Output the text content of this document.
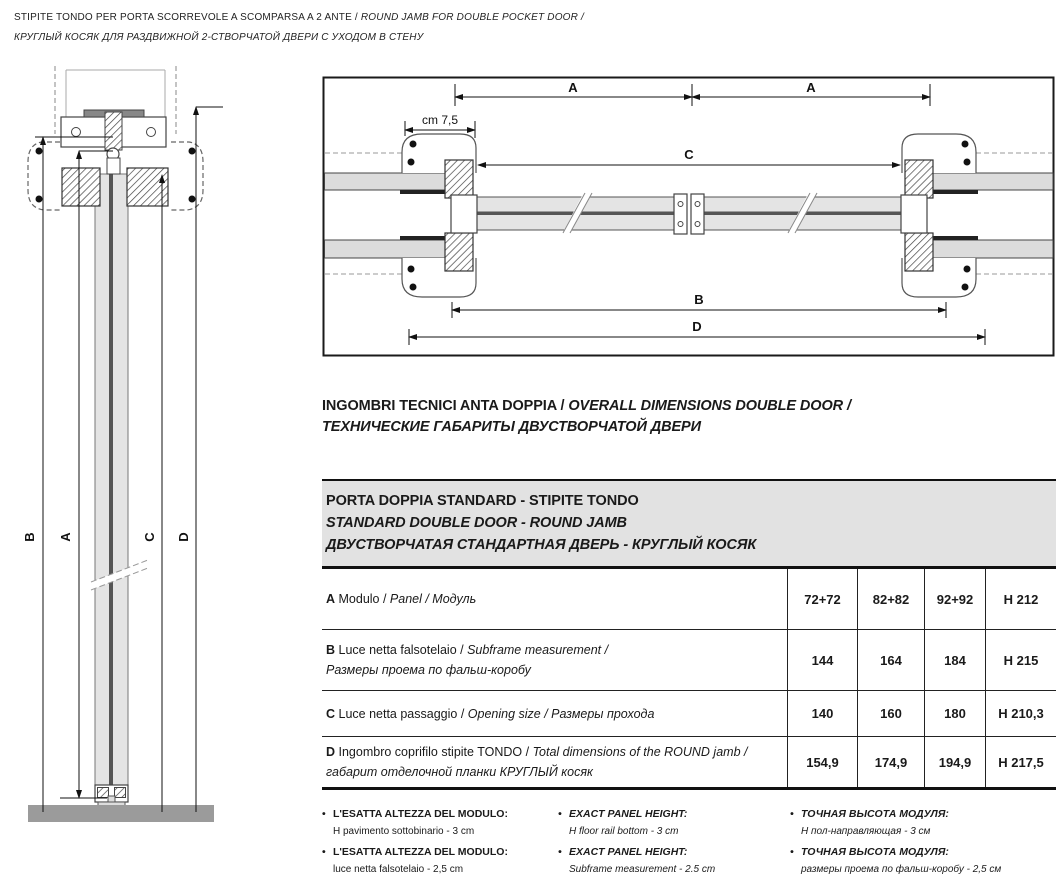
STIPITE TONDO PER PORTA SCORREVOLE A SCOMPARSA A 2 ANTE / ROUND JAMB FOR DOUBLE POCKET DOOR /
КРУГЛЫЙ КОСЯК ДЛЯ РАЗДВИЖНОЙ 2-СТВОРЧАТОЙ ДВЕРИ С УХОДОМ В СТЕНУ
B A	C D
A	A
cm 7,5
C
B
D
INGOMBRI TECNICI ANTA DOPPIA / OVERALL DIMENSIONS DOUBLE DOOR /
ТЕХНИЧЕСКИЕ ГАБАРИТЫ ДВУСТВОРЧАТОЙ ДВЕРИ
PORTA DOPPIA STANDARD - STIPITE TONDO
STANDARD DOUBLE DOOR - ROUND JAMB
ДВУСТВОРЧАТАЯ СТАНДАРТНАЯ ДВЕРЬ - КРУГЛЫЙ КОСЯК
A Modulo / Panel / Модуль	72+72	82+82	92+92	H 212
B Luce netta falsotelaio / Subframe measurement /
Размеры проема по фальш-коробу
144	164	184	H 215
C Luce netta passaggio / Opening size / Размеры прохода	140	160	180	H 210,3
D Ingombro coprifilo stipite TONDO / Total dimensions of the ROUND jamb /
габарит отделочной планки КРУГЛЫЙ косяк
154,9	174,9	194,9	H 217,5
• L'ESATTA ALTEZZA DEL MODULO:
H pavimento sottobinario - 3 cm
• L'ESATTA ALTEZZA DEL MODULO:
luce netta falsotelaio - 2,5 cm
• EXACT PANEL HEIGHT:
H floor rail bottom - 3 cm
• EXACT PANEL HEIGHT:
Subframe measurement - 2.5 cm
• ТОЧНАЯ ВЫСОТА МОДУЛЯ:
Н пол-направляющая - 3 см
• ТОЧНАЯ ВЫСОТА МОДУЛЯ:
размеры проема по фальш-коробу - 2,5 см
